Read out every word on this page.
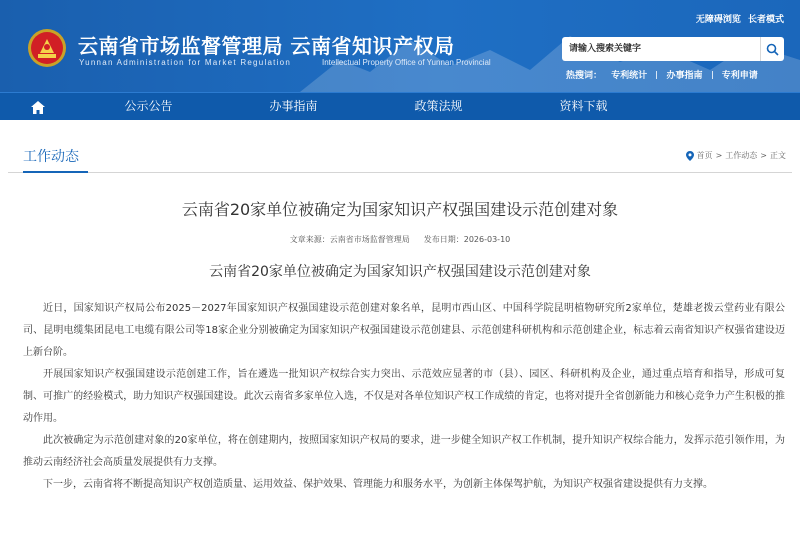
云南省市场监督管理局 云南省知识产权局
Yunnan Administration for Market Regulation	Intellectual Property Office of Yunnan Provincial
无障碍浏览 长者模式
请输入搜索关键字
热搜词： 专利统计 办事指南 专利申请
公示公告	办事指南	政策法规	资料下载
工作动态	首页 > 工作动态 > 正文
云南省20家单位被确定为国家知识产权强国建设示范创建对象
文章来源：云南省市场监督管理局 发布日期：2026-03-10
云南省20家单位被确定为国家知识产权强国建设示范创建对象

近日，国家知识产权局公布2025－2027年国家知识产权强国建设示范创建对象名单，昆明市西山区、中国科学院昆明植物研究所2家单位，楚雄老拨云堂药业有限公司、昆明电缆集团昆电工电缆有限公司等18家企业分别被确定为国家知识产权强国建设示范创建县、示范创建科研机构和示范创建企业，标志着云南省知识产权强省建设迈上新台阶。

开展国家知识产权强国建设示范创建工作，旨在遴选一批知识产权综合实力突出、示范效应显著的市（县）、园区、科研机构及企业，通过重点培育和指导，形成可复制、可推广的经验模式，助力知识产权强国建设。此次云南省多家单位入选，不仅是对各单位知识产权工作成绩的肯定，也将对提升全省创新能力和核心竞争力产生积极的推动作用。

此次被确定为示范创建对象的20家单位，将在创建期内，按照国家知识产权局的要求，进一步健全知识产权工作机制，提升知识产权综合能力，发挥示范引领作用，为推动云南经济社会高质量发展提供有力支撑。

下一步，云南省将不断提高知识产权创造质量、运用效益、保护效果、管理能力和服务水平，为创新主体保驾护航，为知识产权强省建设提供有力支撑。
